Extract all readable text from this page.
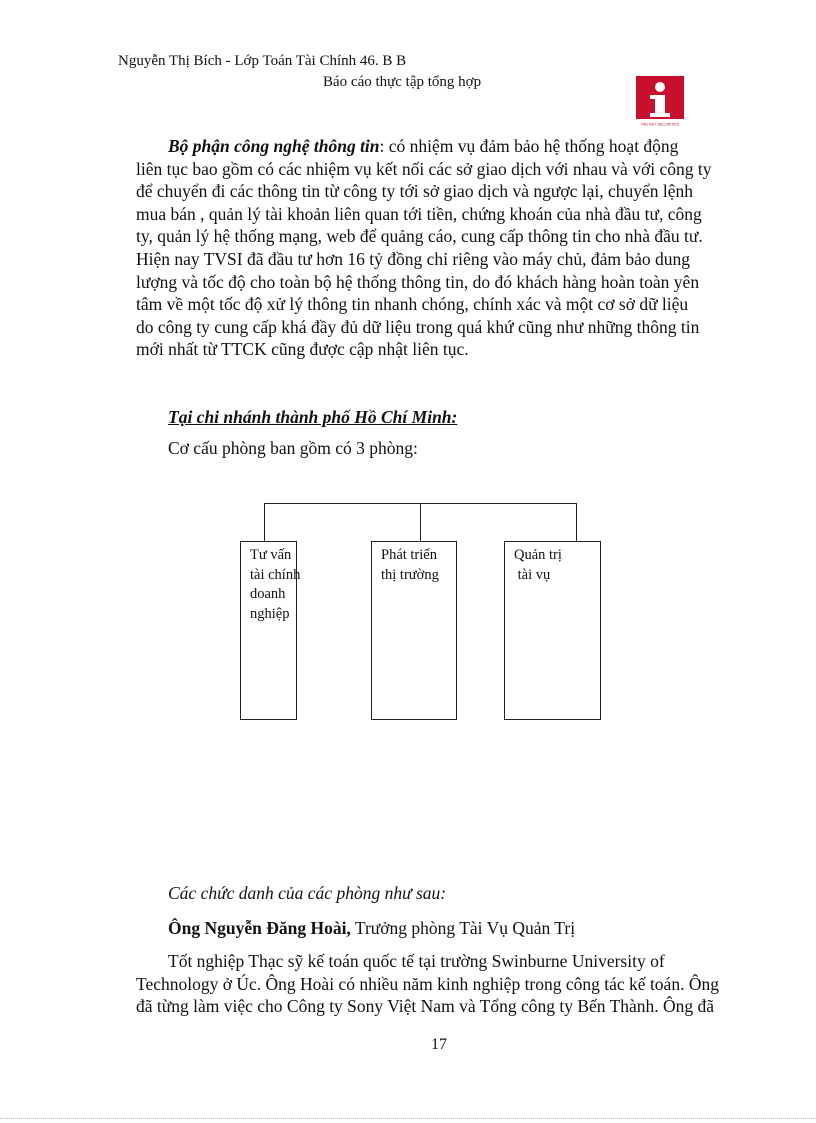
Nguyễn Thị Bích - Lớp Toán Tài Chính 46. B B
Báo cáo thực tập tổng hợp
TAN VIET SECURITIES
Bộ phận công nghệ thông tin: có nhiệm vụ đảm bảo hệ thống hoạt động
liên tục bao gồm có các nhiệm vụ kết nối các sở giao dịch với nhau và với công ty
để chuyển đi các thông tin từ công ty tới sở giao dịch và ngược lại, chuyển lệnh
mua bán , quản lý tài khoản liên quan tới tiền, chứng khoán của nhà đầu tư, công
ty, quản lý hệ thống mạng, web để quảng cáo, cung cấp thông tin cho nhà đầu tư.
Hiện nay TVSI đã đầu tư hơn 16 tỷ đồng chỉ riêng vào máy chủ, đảm bảo dung
lượng và tốc độ cho toàn bộ hệ thống thông tin, do đó khách hàng hoàn toàn yên
tâm về một tốc độ xử lý thông tin nhanh chóng, chính xác và một cơ sở dữ liệu
do công ty cung cấp khá đầy đủ dữ liệu trong quá khứ cũng như những thông tin
mới nhất từ TTCK cũng được cập nhật liên tục.
Tại chi nhánh thành phố Hồ Chí Minh:
Cơ cấu phòng ban gồm có 3 phòng:
Tư vấn
tài chính
doanh
nghiệp
Phát triển
thị trường
Quản trị
tài vụ
Các chức danh của các phòng như sau:
Ông Nguyễn Đăng Hoài, Trưởng phòng Tài Vụ Quản Trị
Tốt nghiệp Thạc sỹ kế toán quốc tế tại trường Swinburne University of
Technology ở Úc. Ông Hoài có nhiều năm kinh nghiệp trong công tác kế toán. Ông
đã từng làm việc cho Công ty Sony Việt Nam và Tổng công ty Bến Thành. Ông đã
17
